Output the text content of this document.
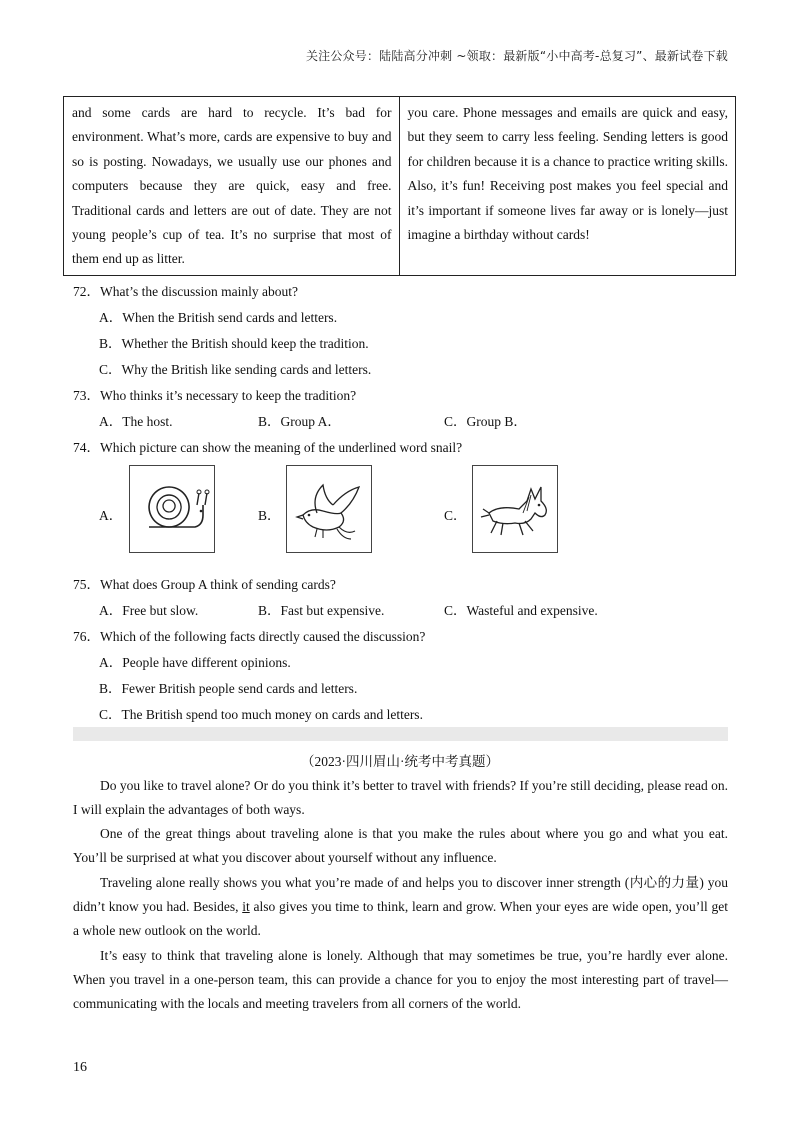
关注公众号：陆陆高分冲刺 ~领取：最新版“小中高考-总复习”、最新试卷下载
and some cards are hard to recycle. It’s bad for environment. What’s more, cards are expensive to buy and so is posting. Nowadays, we usually use our phones and computers because they are quick, easy and free. Traditional cards and letters are out of date. They are not young people’s cup of tea. It’s no surprise that most of them end up as litter.
you care. Phone messages and emails are quick and easy, but they seem to carry less feeling. Sending letters is good for children because it is a chance to practice writing skills. Also, it’s fun! Receiving post makes you feel special and it’s important if someone lives far away or is lonely—just imagine a birthday without cards!
72．What’s the discussion mainly about?
A．When the British send cards and letters.
B．Whether the British should keep the tradition.
C．Why the British like sending cards and letters.
73．Who thinks it’s necessary to keep the tradition?
A．The host.	B．Group A．	C．Group B．
74．Which picture can show the meaning of the underlined word snail?
A．	B．	C．
75．What does Group A think of sending cards?
A．Free but slow.	B．Fast but expensive.	C．Wasteful and expensive.
76．Which of the following facts directly caused the discussion?
A．People have different opinions.
B．Fewer British people send cards and letters.
C．The British spend too much money on cards and letters.
（2023·四川眉山·统考中考真题）

Do you like to travel alone? Or do you think it’s better to travel with friends? If you’re still deciding, please read on. I will explain the advantages of both ways.

One of the great things about traveling alone is that you make the rules about where you go and what you eat. You’ll be surprised at what you discover about yourself without any influence.

Traveling alone really shows you what you’re made of and helps you to discover inner strength (内心的力量) you didn’t know you had. Besides, it also gives you time to think, learn and grow. When your eyes are wide open, you’ll get a whole new outlook on the world.

It’s easy to think that traveling alone is lonely. Although that may sometimes be true, you’re hardly ever alone. When you travel in a one-person team, this can provide a chance for you to enjoy the most interesting part of travel—communicating with the locals and meeting travelers from all corners of the world.

16
